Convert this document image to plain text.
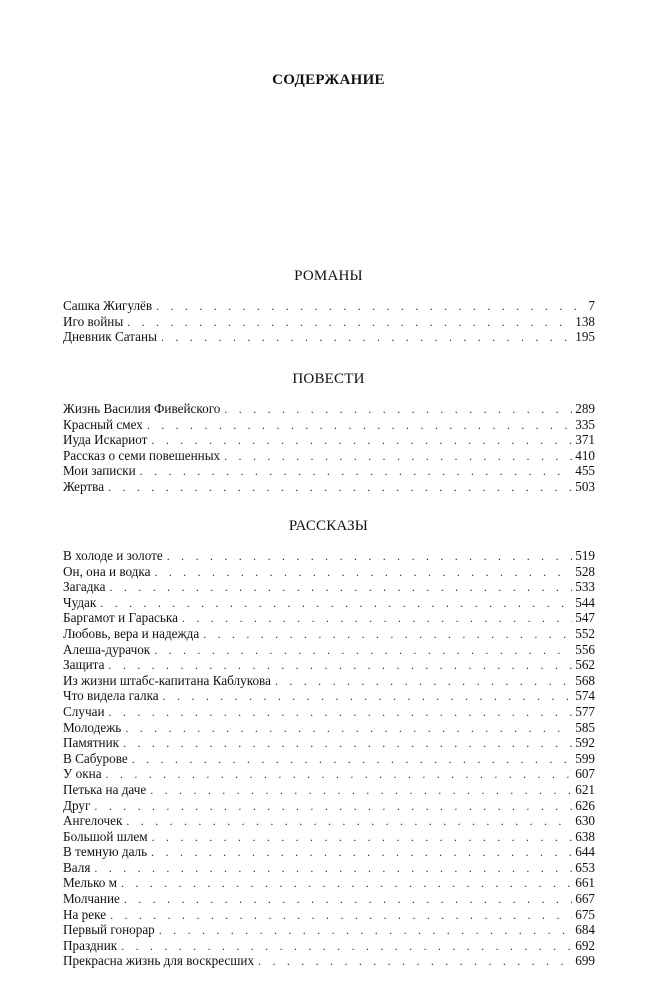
СОДЕРЖАНИЕ
РОМАНЫ
Сашка Жигулёв . . .	7
Иго войны . . .	138
Дневник Сатаны . . .	195
ПОВЕСТИ
Жизнь Василия Фивейского . . .	289
Красный смех . . .	335
Иуда Искариот . . .	371
Рассказ о семи повешенных . . .	410
Мои записки . . .	455
Жертва . . .	503
РАССКАЗЫ
В холоде и золоте . . .	519
Он, она и водка . . .	528
Загадка . . .	533
Чудак . . .	544
Баргамот и Гараська . . .	547
Любовь, вера и надежда . . .	552
Алеша-дурачок . . .	556
Защита . . .	562
Из жизни штабс-капитана Каблукова . . .	568
Что видела галка . . .	574
Случаи . . .	577
Молодежь . . .	585
Памятник . . .	592
В Сабурове . . .	599
У окна . . .	607
Петька на даче . . .	621
Друг . . .	626
Ангелочек . . .	630
Большой шлем . . .	638
В темную даль . . .	644
Валя . . .	653
Мелько м . . .	661
Молчание . . .	667
На реке . . .	675
Первый гонорар . . .	684
Праздник . . .	692
Прекрасна жизнь для воскресших . . .	699
